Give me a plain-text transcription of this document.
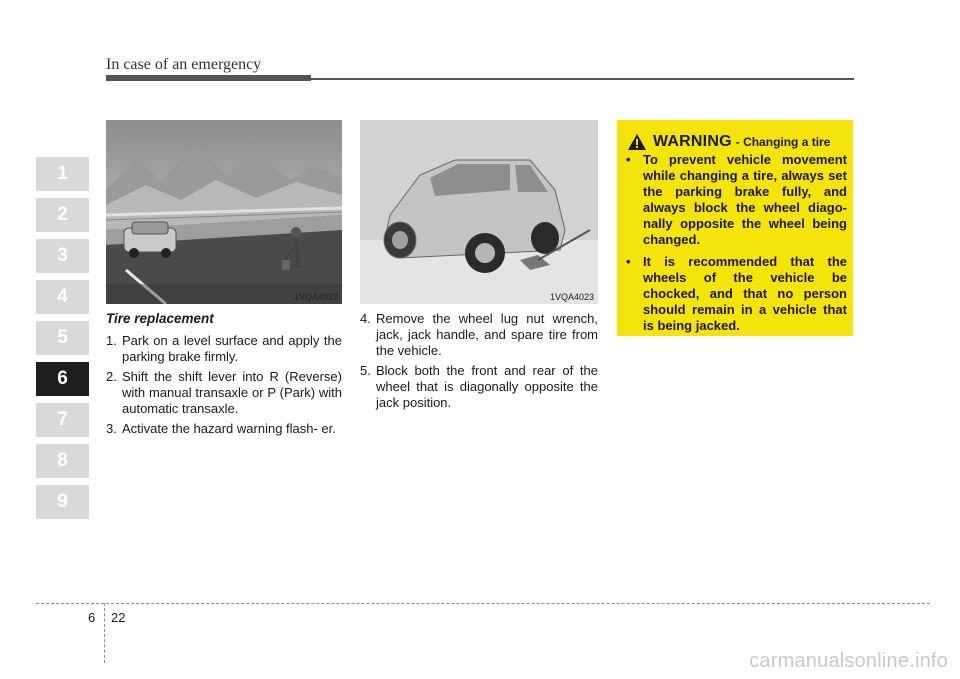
In case of an emergency
1
2
3
4
5
6
7
8
9
1VQA4022	1VQA4023
Tire replacement
1. Park on a level surface and apply the parking brake firmly.
2. Shift the shift lever into R (Reverse) with manual transaxle or P (Park) with automatic transaxle.
3. Activate the hazard warning flash- er.
4. Remove the wheel lug nut wrench, jack, jack handle, and spare tire from the vehicle.
5. Block both the front and rear of the wheel that is diagonally opposite the jack position.
WARNING - Changing a tire
• To prevent vehicle movement while changing a tire, always set the parking brake fully, and always block the wheel diago- nally opposite the wheel being changed.
• It is recommended that the wheels of the vehicle be chocked, and that no person should remain in a vehicle that is being jacked.
6 22
carmanualsonline.info
